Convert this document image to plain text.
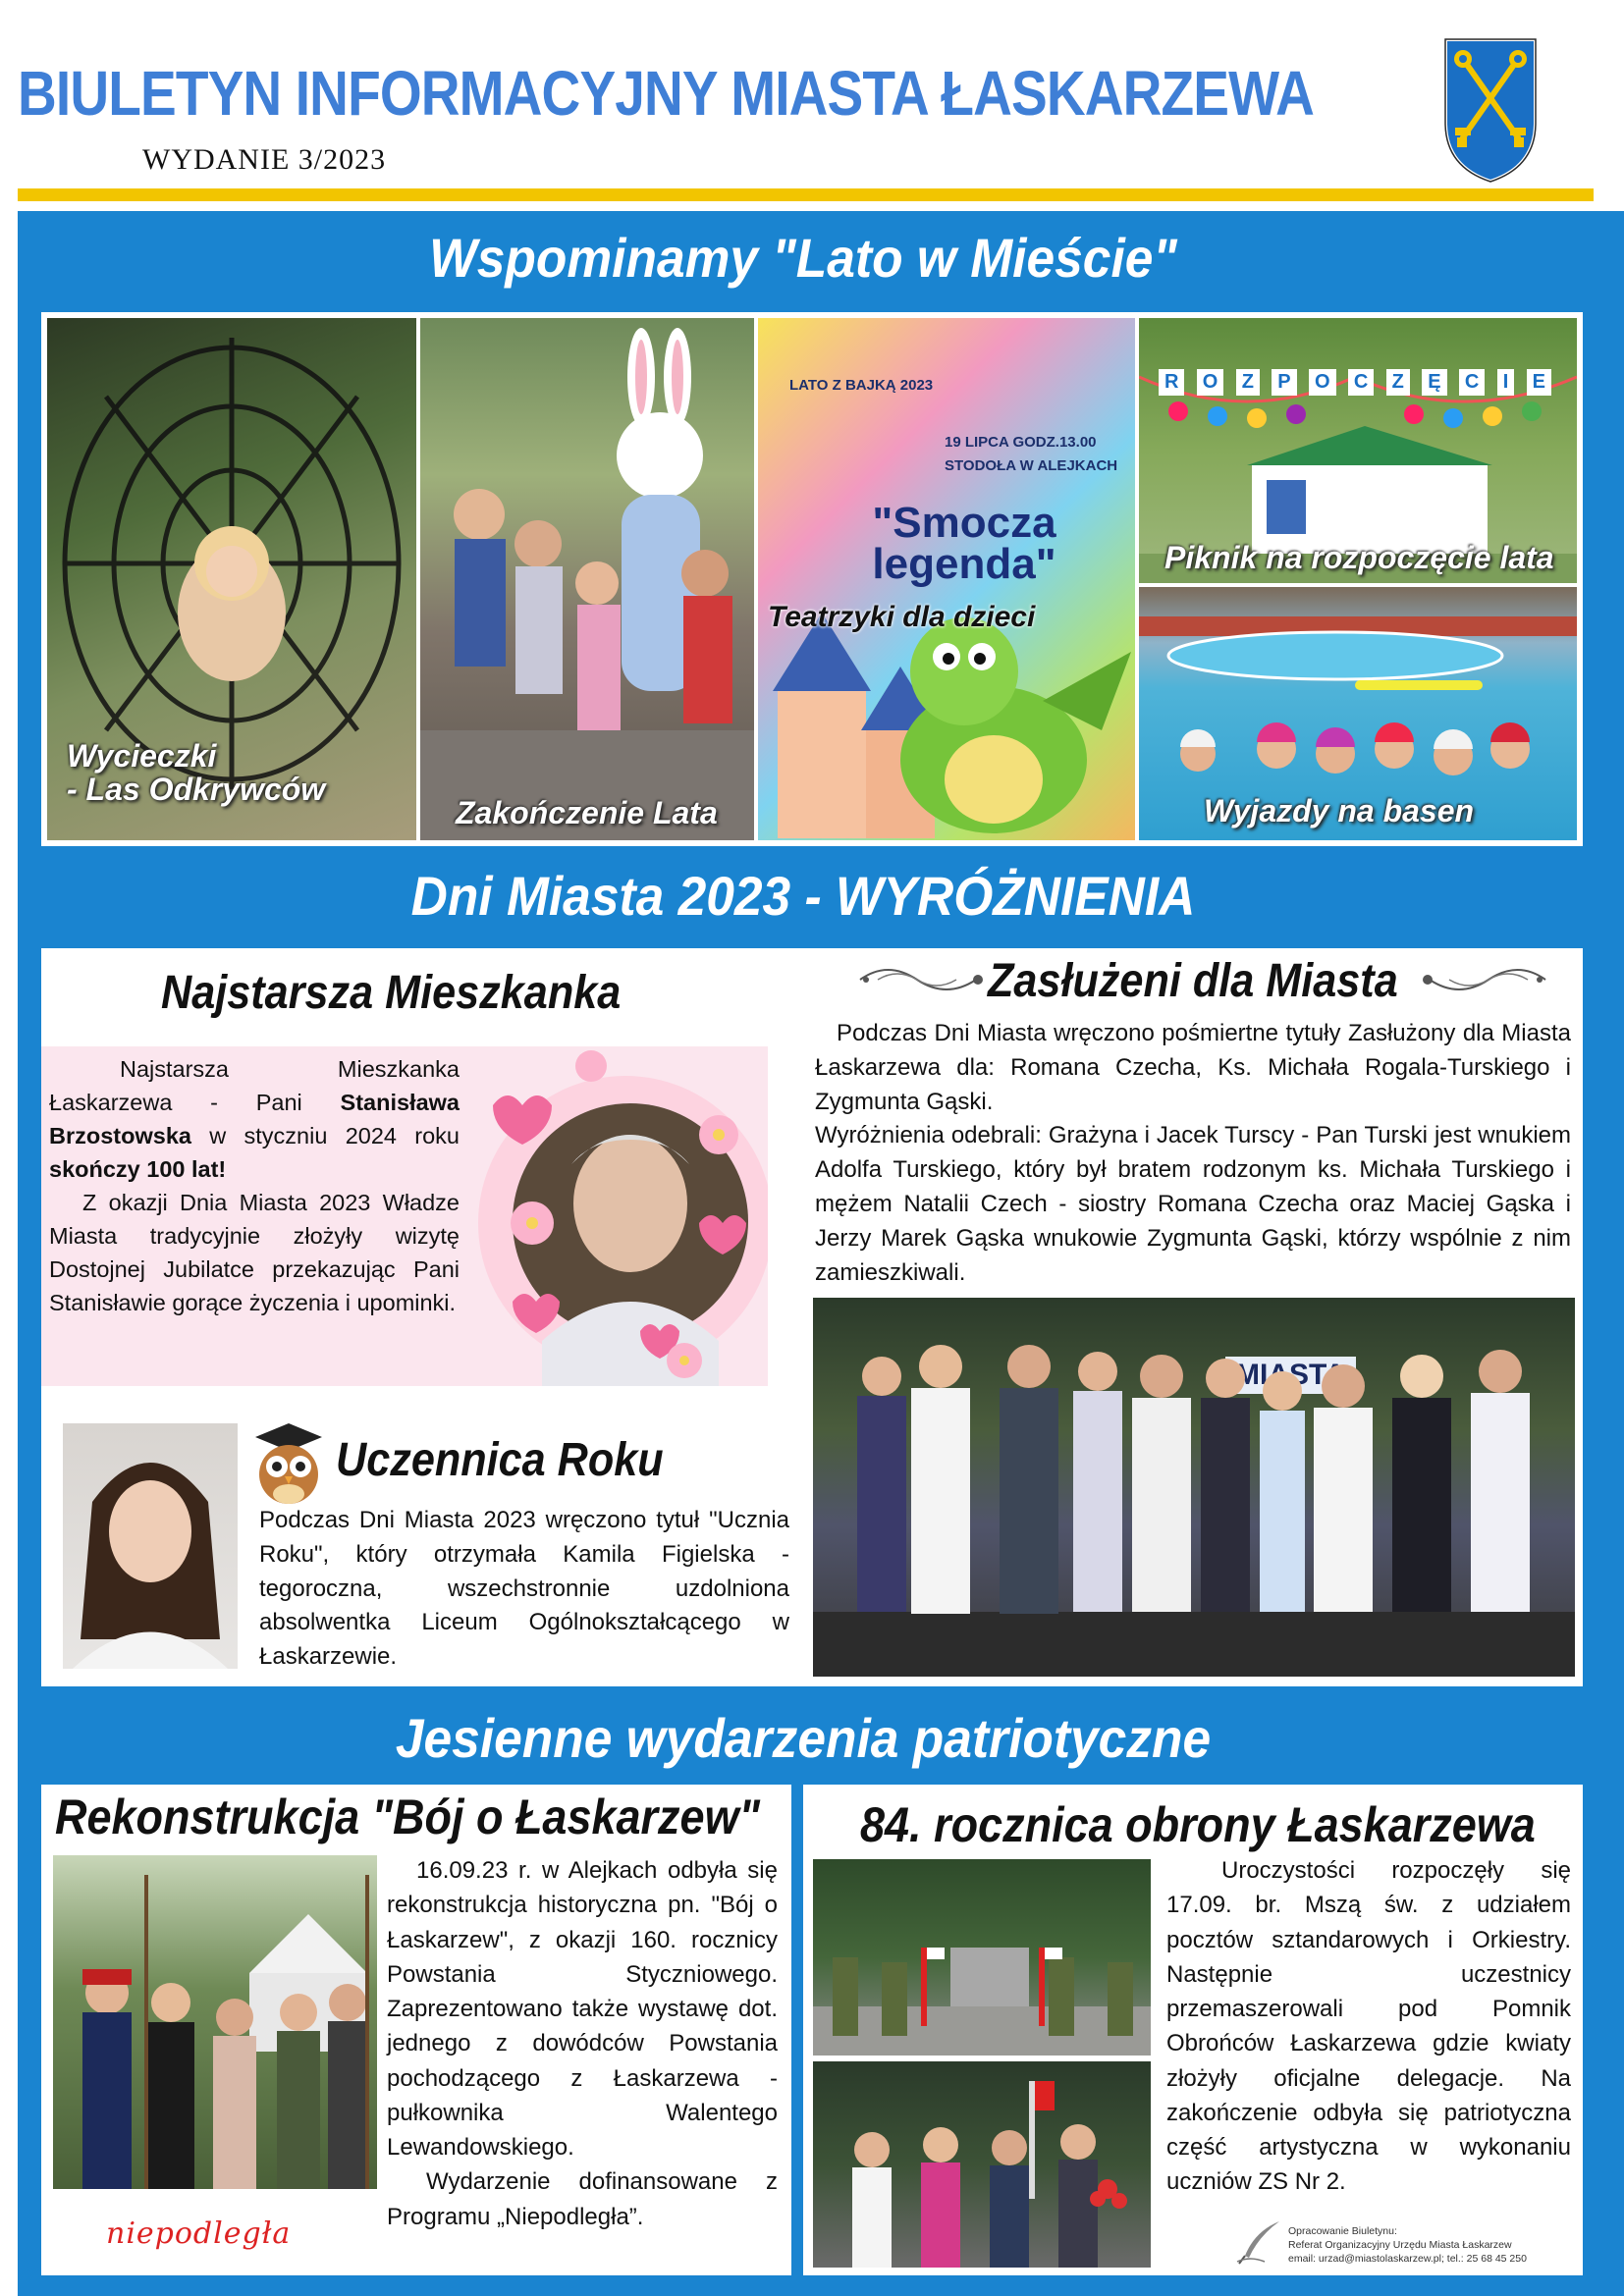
BIULETYN INFORMACYJNY MIASTA ŁASKARZEWA
WYDANIE 3/2023
Wspominamy "Lato w Mieście"
Wycieczki
- Las Odkrywców
Zakończenie Lata
LATO Z BAJKĄ 2023
19 LIPCA GODZ.13.00
STODOŁA W ALEJKACH
"Smocza legenda"
Teatrzyki dla dzieci
R	O	Z	P	O	C	Z	Ę	C	I	E
Piknik na rozpoczęcie lata
Wyjazdy na basen
Dni Miasta 2023 - WYRÓŻNIENIA
Najstarsza Mieszkanka
Najstarsza Mieszkanka Łaskarzewa - Pani Stanisława Brzostowska w styczniu 2024 roku skończy 100 lat!
Z okazji Dnia Miasta 2023 Władze Miasta tradycyjnie złożyły wizytę Dostojnej Jubilatce przekazując Pani Stanisławie gorące życzenia i upominki.
Uczennica Roku
Podczas Dni Miasta 2023 wręczono tytuł "Ucznia Roku", który otrzymała Kamila Figielska - tegoroczna, wszechstronnie uzdolniona absolwentka Liceum Ogólnokształcącego w Łaskarzewie.
Zasłużeni dla Miasta
Podczas Dni Miasta wręczono pośmiertne tytuły Zasłużony dla Miasta Łaskarzewa dla: Romana Czecha, Ks. Michała Rogala-Turskiego i Zygmunta Gąski.
Wyróżnienia odebrali: Grażyna i Jacek Turscy - Pan Turski jest wnukiem Adolfa Turskiego, który był bratem rodzonym ks. Michała Turskiego i mężem Natalii Czech - siostry Romana Czecha oraz Maciej Gąska i Jerzy Marek Gąska wnukowie Zygmunta Gąski, którzy wspólnie z nim zamieszkiwali.
Jesienne wydarzenia patriotyczne
Rekonstrukcja "Bój o Łaskarzew"
niepodległa
16.09.23 r. w Alejkach odbyła się rekonstrukcja historyczna pn. "Bój o Łaskarzew", z okazji 160. rocznicy Powstania Styczniowego. Zaprezentowano także wystawę dot. jednego z dowódców Powstania pochodzącego z Łaskarzewa - pułkownika Walentego Lewandowskiego.
Wydarzenie dofinansowane z Programu „Niepodległa”.
84. rocznica obrony Łaskarzewa
Uroczystości rozpoczęły się 17.09. br. Mszą św. z udziałem pocztów sztandarowych i Orkiestry. Następnie uczestnicy przemaszerowali pod Pomnik Obrońców Łaskarzewa gdzie kwiaty złożyły oficjalne delegacje. Na zakończenie odbyła się patriotyczna część artystyczna w wykonaniu uczniów ZS Nr 2.
Opracowanie Biuletynu:
Referat Organizacyjny Urzędu Miasta Łaskarzew
email: urzad@miastolaskarzew.pl; tel.: 25 68 45 250
